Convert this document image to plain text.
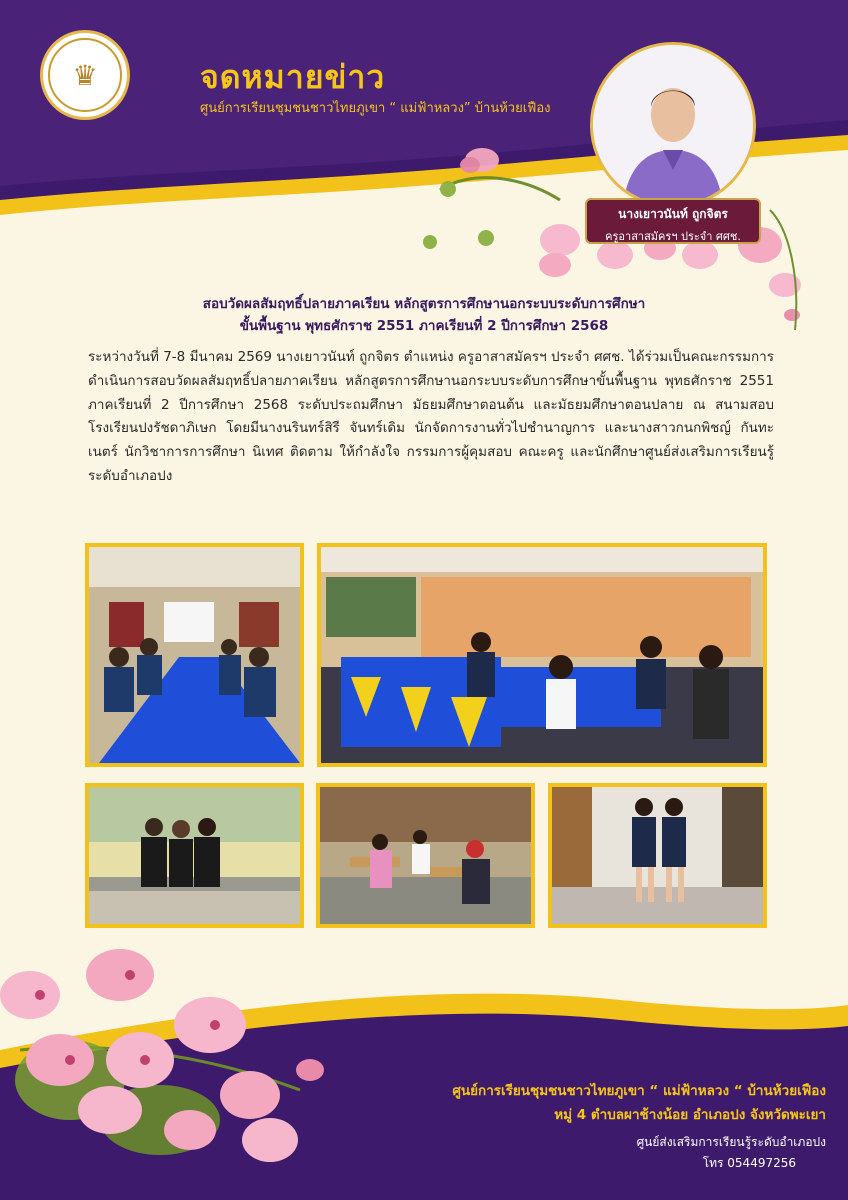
♛	จดหมายข่าว
ศูนย์การเรียนชุมชนชาวไทยภูเขา “ แม่ฟ้าหลวง” บ้านห้วยเฟือง
นางเยาวนันท์ ถูกจิตร
ครูอาสาสมัครฯ ประจำ ศศช.
สอบวัดผลสัมฤทธิ์ปลายภาคเรียน หลักสูตรการศึกษานอกระบบระดับการศึกษา
ขั้นพื้นฐาน พุทธศักราช 2551 ภาคเรียนที่ 2 ปีการศึกษา 2568
ระหว่างวันที่ 7-8 มีนาคม 2569 นางเยาวนันท์ ถูกจิตร ตำแหน่ง ครูอาสาสมัครฯ ประจำ ศศช. ได้ร่วมเป็นคณะกรรมการดำเนินการสอบวัดผลสัมฤทธิ์ปลายภาคเรียน หลักสูตรการศึกษานอกระบบระดับการศึกษาขั้นพื้นฐาน พุทธศักราช 2551 ภาคเรียนที่ 2 ปีการศึกษา 2568 ระดับประถมศึกษา มัธยมศึกษาตอนต้น และมัธยมศึกษาตอนปลาย ณ สนามสอบ โรงเรียนปงรัชดาภิเษก โดยมีนางนรินทร์สิรี จันทร์เดิม นักจัดการงานทั่วไปชำนาญการ และนางสาวกนกพิชญ์ กันทะเนตร์ นักวิชาการการศึกษา นิเทศ ติดตาม ให้กำลังใจ กรรมการผู้คุมสอบ คณะครู และนักศึกษาศูนย์ส่งเสริมการเรียนรู้ระดับอำเภอปง
ศูนย์การเรียนชุมชนชาวไทยภูเขา “ แม่ฟ้าหลวง “ บ้านห้วยเฟือง
หมู่ 4 ตำบลผาช้างน้อย อำเภอปง จังหวัดพะเยา
ศูนย์ส่งเสริมการเรียนรู้ระดับอำเภอปง
โทร 054497256
